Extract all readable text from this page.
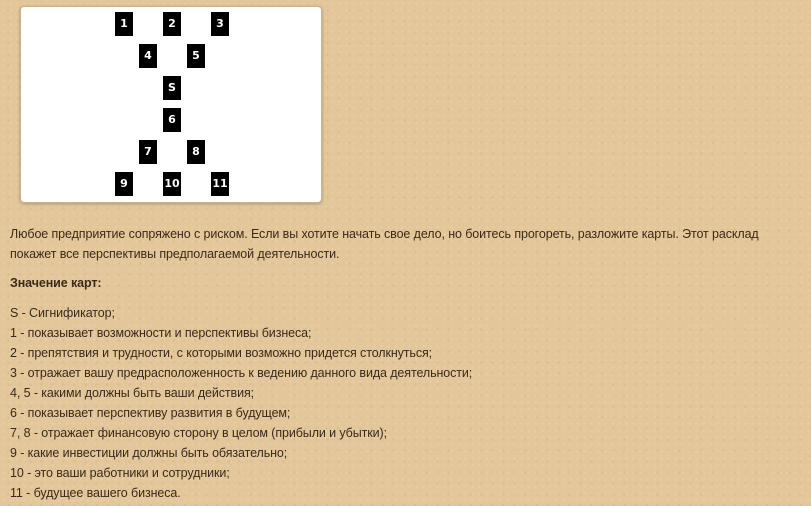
1	2	3
4	5
S
6
7	8
9	10	11

Любое предприятие сопряжено с риском. Если вы хотите начать свое дело, но боитесь прогореть, разложите карты. Этот расклад покажет все перспективы предполагаемой деятельности.

Значение карт:

S - Сигнификатор;
1 - показывает возможности и перспективы бизнеса;
2 - препятствия и трудности, с которыми возможно придется столкнуться;
3 - отражает вашу предрасположенность к ведению данного вида деятельности;
4, 5 - какими должны быть ваши действия;
6 - показывает перспективу развития в будущем;
7, 8 - отражает финансовую сторону в целом (прибыли и убытки);
9 - какие инвестиции должны быть обязательно;
10 - это ваши работники и сотрудники;
11 - будущее вашего бизнеса.
